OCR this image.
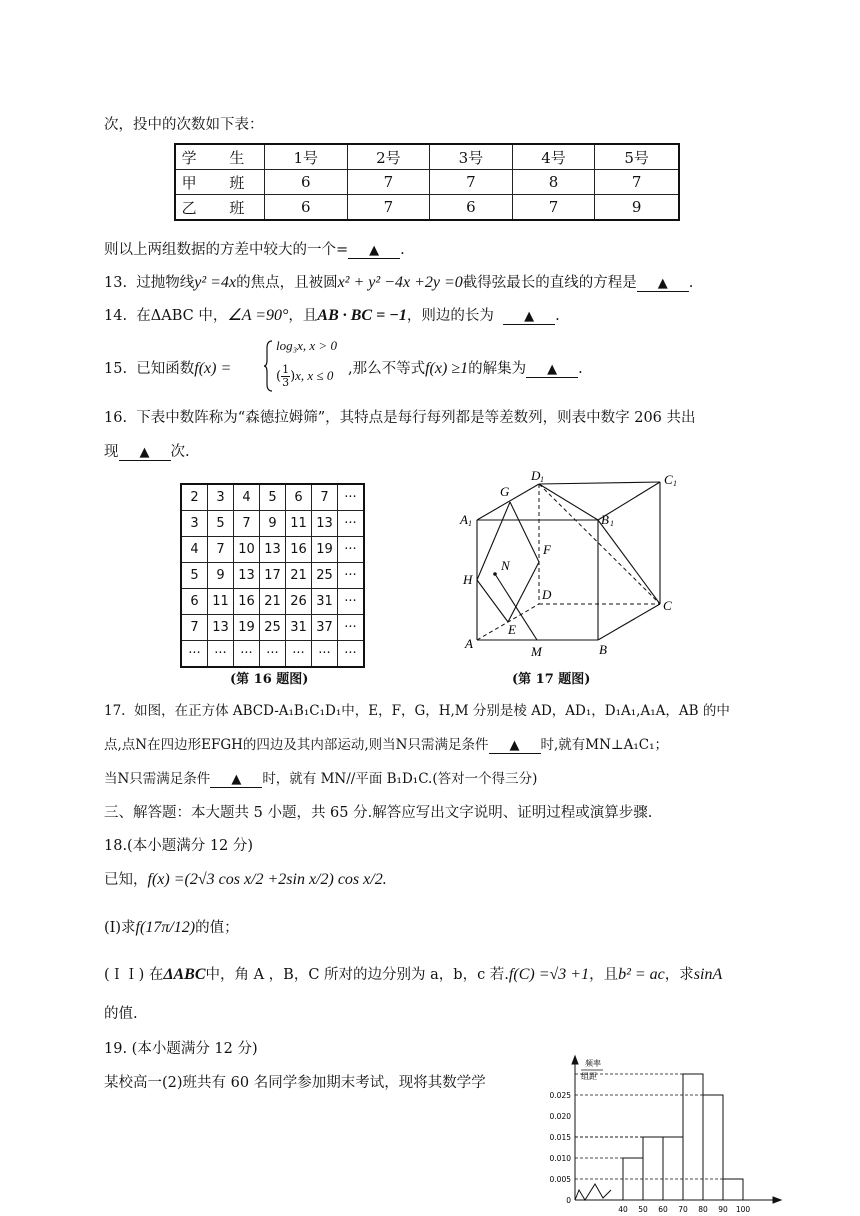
次，投中的次数如下表：
学 生	1号	2号	3号	4号	5号
甲 班	6	7	7	8	7
乙 班	6	7	6	7	9
则以上两组数据的方差中较大的一个= ▲ .
13. 过抛物线y² =4x的焦点，且被圆x² + y² −4x +2y =0截得弦最长的直线的方程是 ▲ .
14. 在ΔABC 中，∠A =90°，且AB · BC = −1，则边的长为 ▲ .
15. 已知函数f(x) =
log₃x, x > 0
( $\frac{1}{3} )x$, x ≤ 0 ,那么不等式f(x) ≥1的解集为 ▲ .
16. 下表中数阵称为“森德拉姆筛”，其特点是每行每列都是等差数列，则表中数字 206 共出
现 ▲ 次.
2	3	4	5	6	7	···
3	5	7	9	11	13	···
4	7	10	13	16	19	···
5	9	13	17	21	25	···
6	11	16	21	26	31	···
7	13	19	25	31	37	···
···	···	···	···	···	···	···
(第 16 题图)
D 1	C 1
A 1	B 1
G
F
H
N
D
C
E
A
M	B
(第 17 题图)
17. 如图，在正方体 ABCD-A₁B₁C₁D₁中，E，F，G，H,M 分别是棱 AD，AD₁，D₁A₁,A₁A，AB 的中
点,点N在四边形EFGH的四边及其内部运动,则当N只需满足条件 ▲ 时,就有MN⊥A₁C₁；
当N只需满足条件 ▲ 时，就有 MN//平面 B₁D₁C.(答对一个得三分)
三、解答题：本大题共 5 小题，共 65 分.解答应写出文字说明、证明过程或演算步骤.
18.(本小题满分 12 分)
已知，f(x) =(2√3 cos x/2 +2sin x/2) cos x/2.
(I)求f(17π/12)的值；
(ＩＩ) 在ΔABC中，角 A ，B，C 所对的边分别为 a，b，c 若.f(C) =√3 +1，且b² = ac，求sinA
的值.
19. (本小题满分 12 分)
某校高一(2)班共有 60 名同学参加期末考试，现将其数学学
频率
组距
0.025
0.020
0.015
0.010
0.005
0
40 50 60 70 80 90 100
